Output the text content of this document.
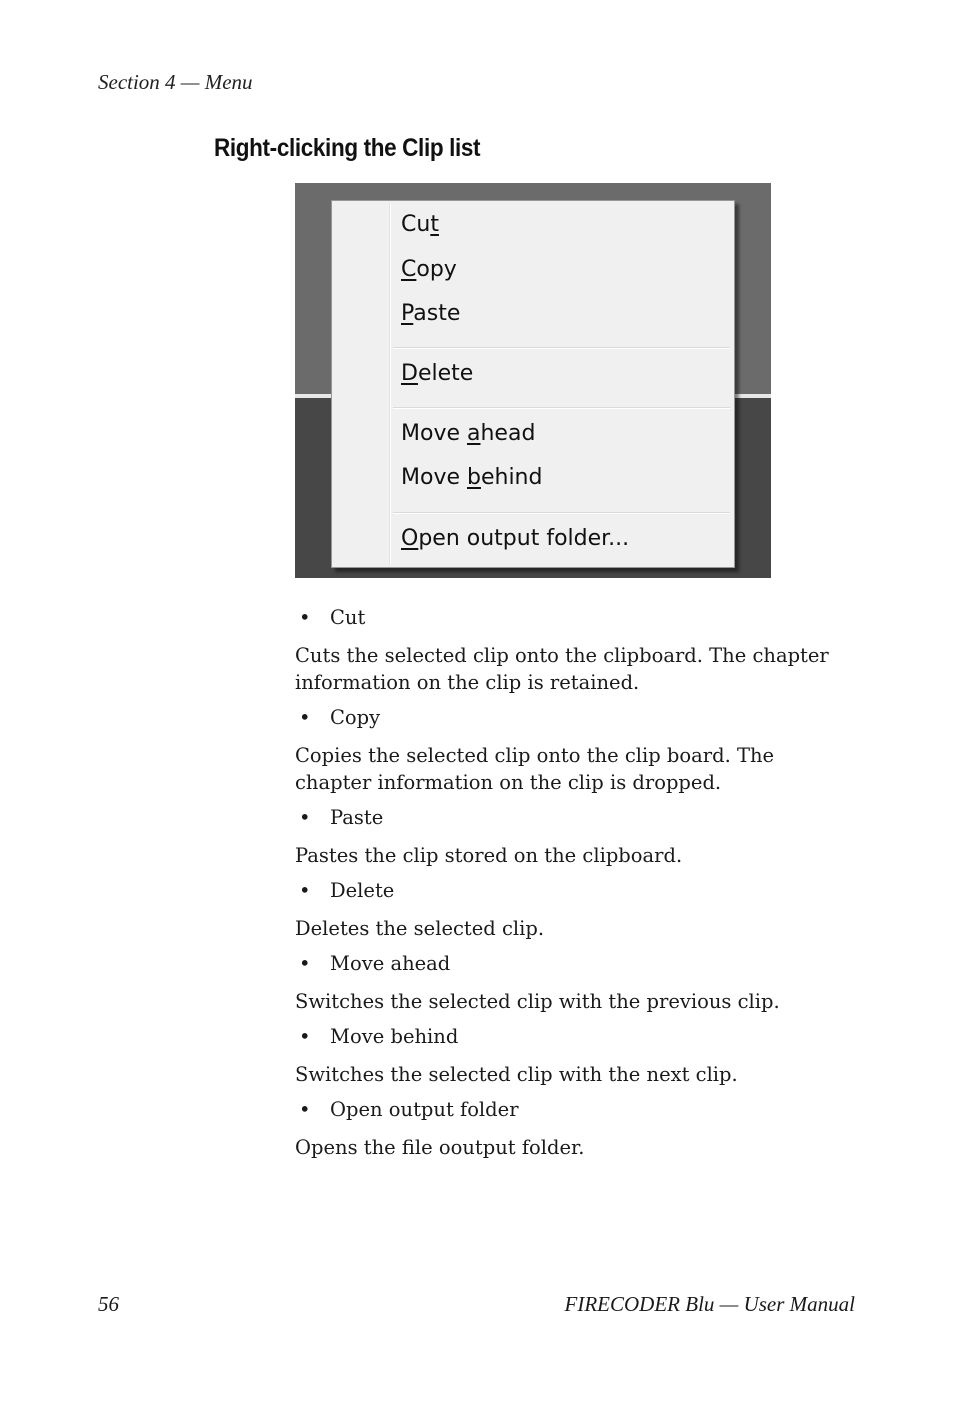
Section 4 — Menu
Right-clicking the Clip list
Cut
Copy
Paste
Delete
Move ahead
Move behind
Open output folder...

• Cut

Cuts the selected clip onto the clipboard. The chapter information on the clip is retained.

• Copy

Copies the selected clip onto the clip board. The chapter information on the clip is dropped.

• Paste

Pastes the clip stored on the clipboard.

• Delete

Deletes the selected clip.

• Move ahead

Switches the selected clip with the previous clip.

• Move behind

Switches the selected clip with the next clip.

• Open output folder

Opens the file ooutput folder.

56	FIRECODER Blu — User Manual
